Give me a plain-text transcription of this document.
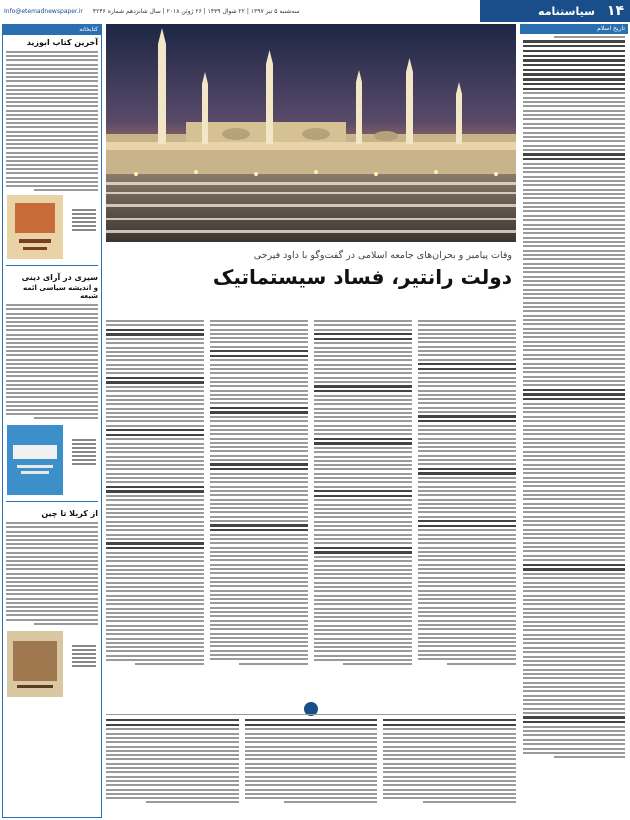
Info@etemadnewspaper.ir سه‌شنبه ۵ تیر ۱۳۹۷ | ۲۲ شوال ۱۴۳۹ | ۲۶ ژوئن ۲۰۱۸ | سال شانزدهم شماره ۴۲۴۶	سیاستنامه ۱۴
کتابخانه
آخرین کتاب ابوزید
سیری در آرای دینی
و اندیشه سیاسی ائمه شیعه
از کربلا تا چین
وفات پیامبر و بحران‌های جامعه اسلامی در گفت‌وگو با داود فیرحی
دولت رانتیر، فساد سیستماتیک
تاریخ اسلام
